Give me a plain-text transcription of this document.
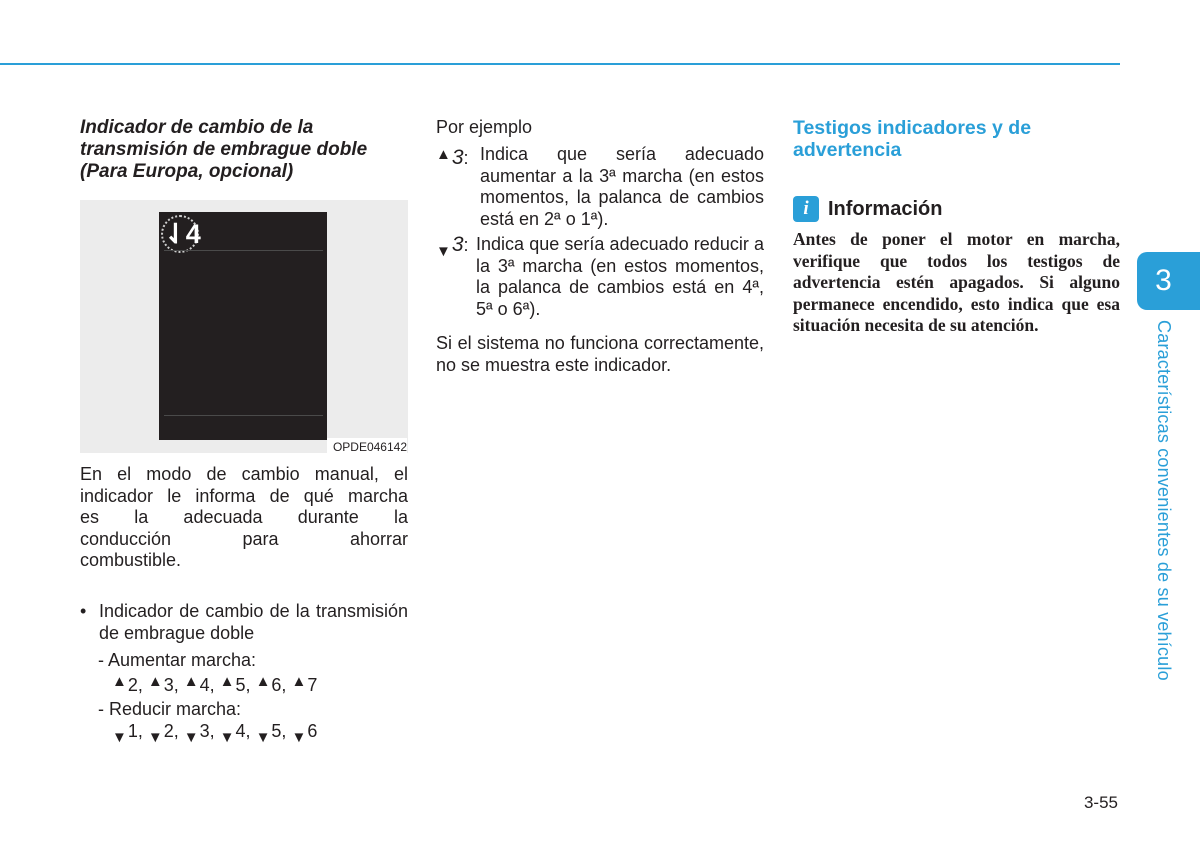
Indicador de cambio de la transmisión de embrague doble (Para Europa, opcional)

⇃4
OPDE046142
En el modo de cambio manual, el
indicador le informa de qué marcha
es la adecuada durante la
conducción para ahorrar
combustible.
• Indicador de cambio de la transmisión de embrague doble
- Aumentar marcha:
▲2, ▲3, ▲4, ▲5, ▲6, ▲7
- Reducir marcha:
▼1, ▼2, ▼3, ▼4, ▼5, ▼6
Por ejemplo
▲3: Indica que sería adecuado aumentar a la 3ª marcha (en estos momentos, la palanca de cambios está en 2ª o 1ª).
▼3: Indica que sería adecuado reducir a la 3ª marcha (en estos momentos, la palanca de cambios está en 4ª, 5ª o 6ª).
Si el sistema no funciona correctamente, no se muestra este indicador.
Testigos indicadores y de advertencia
i Información

Antes de poner el motor en marcha, verifique que todos los testigos de advertencia estén apagados. Si alguno permanece encendido, esto indica que esa situación necesita de su atención.

3
Características convenientes de su vehículo
3-55
